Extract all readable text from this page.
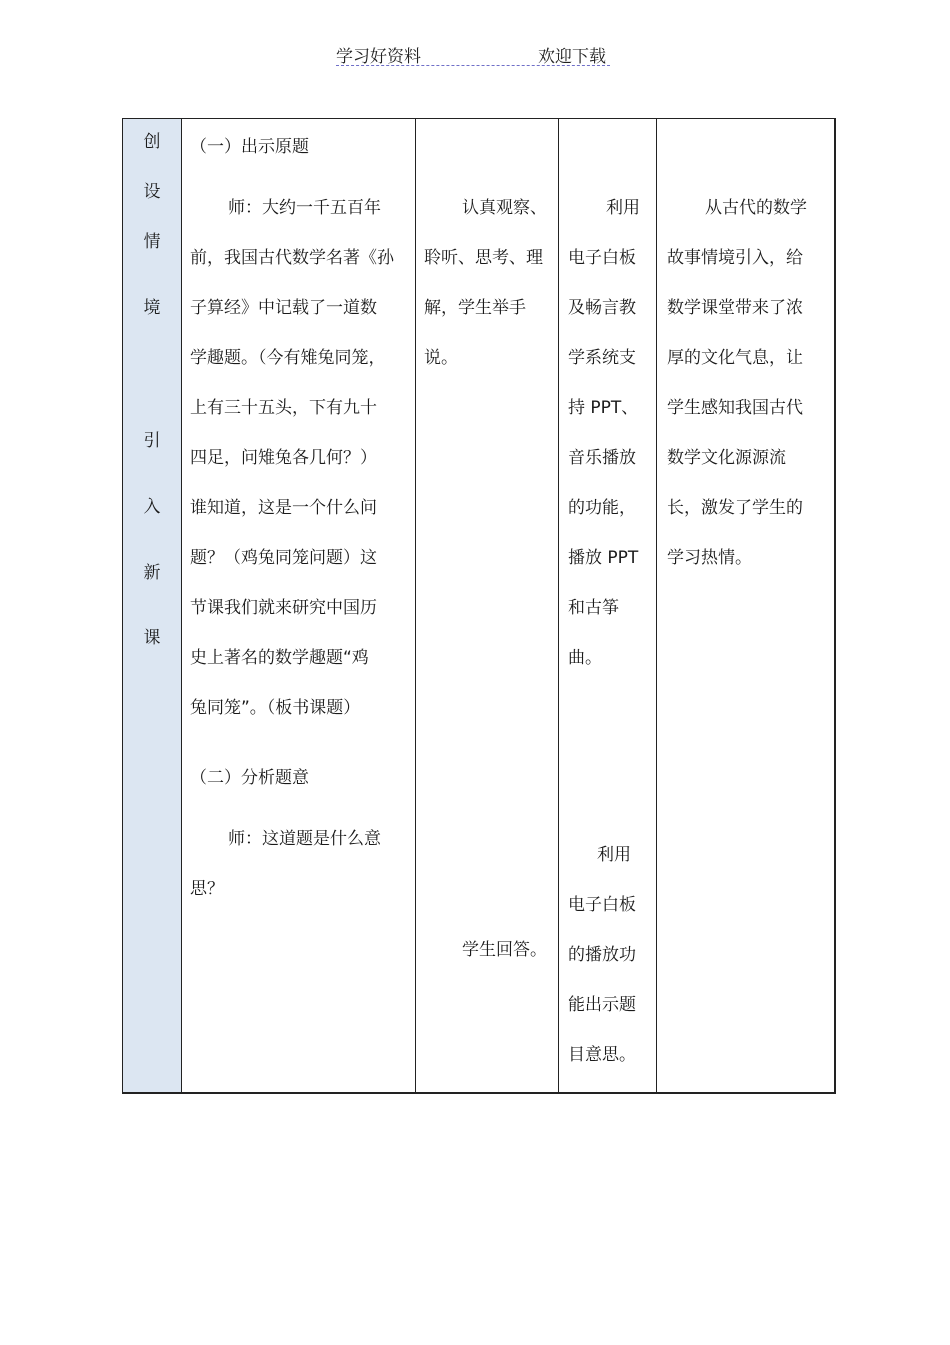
学习好资料	欢迎下载
创
设
情
境
引
入
新
课
（一）出示原题
师：大约一千五百年
前，我国古代数学名著《孙
子算经》中记载了一道数
学趣题。（今有雉兔同笼，
上有三十五头，下有九十
四足，问雉兔各几何？）
谁知道，这是一个什么问
题？（鸡兔同笼问题）这
节课我们就来研究中国历
史上著名的数学趣题“鸡
兔同笼”。（板书课题）
（二）分析题意
师：这道题是什么意
思？
认真观察、
聆听、思考、理
解，学生举手
说。
学生回答。
利用
电子白板
及畅言教
学系统支
持 PPT、
音乐播放
的功能，
播放 PPT
和古筝
曲。
利用
电子白板
的播放功
能出示题
目意思。
从古代的数学
故事情境引入，给
数学课堂带来了浓
厚的文化气息，让
学生感知我国古代
数学文化源源流
长，激发了学生的
学习热情。
